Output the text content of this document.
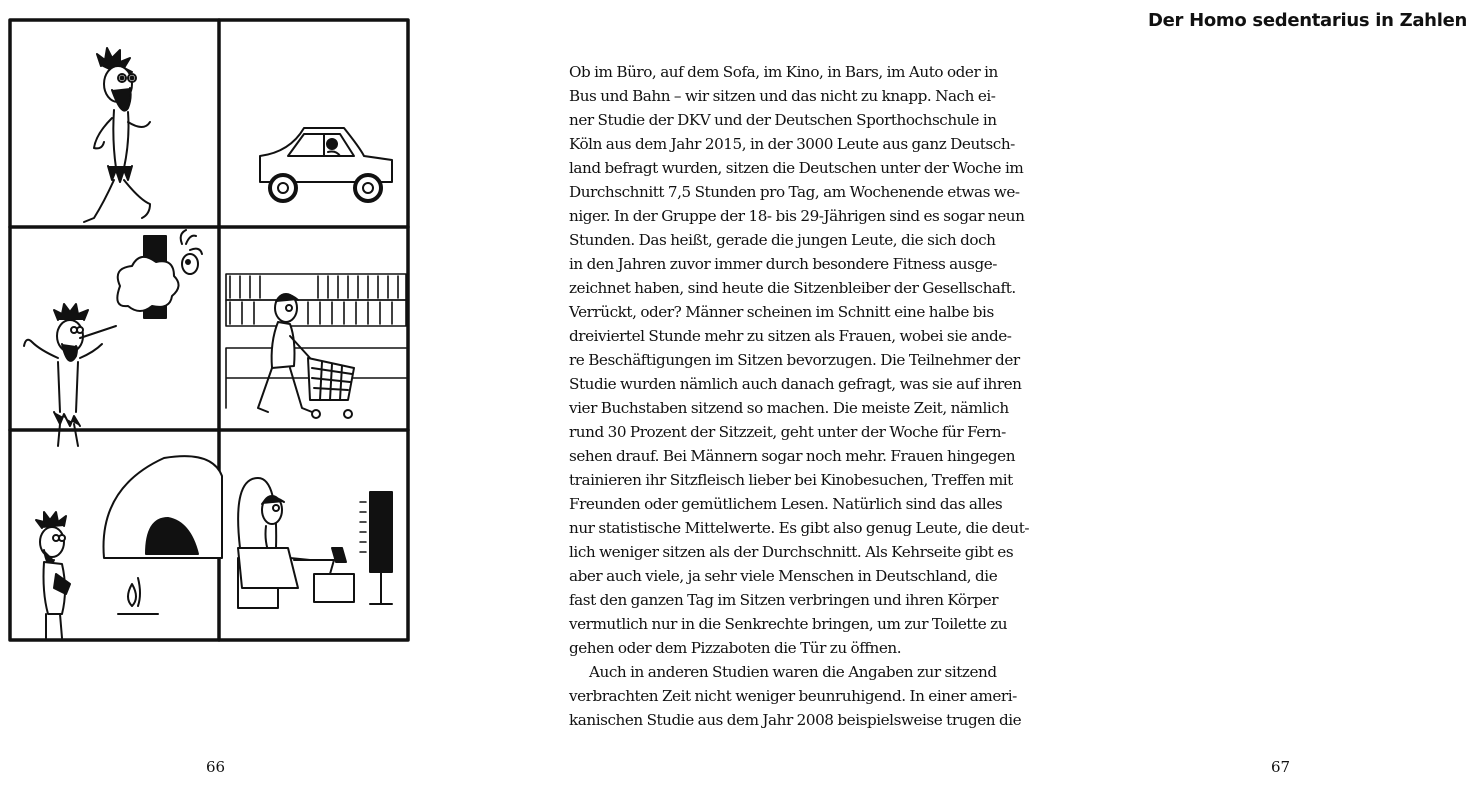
66
Der Homo sedentarius in Zahlen
67
Ob im Büro, auf dem Sofa, im Kino, in Bars, im Auto oder in
Bus und Bahn – wir sitzen und das nicht zu knapp. Nach ei-
ner Studie der DKV und der Deutschen Sporthochschule in
Köln aus dem Jahr 2015, in der 3000 Leute aus ganz Deutsch-
land befragt wurden, sitzen die Deutschen unter der Woche im
Durchschnitt 7,5 Stunden pro Tag, am Wochenende etwas we-
niger. In der Gruppe der 18- bis 29-Jährigen sind es sogar neun
Stunden. Das heißt, gerade die jungen Leute, die sich doch
in den Jahren zuvor immer durch besondere Fitness ausge-
zeichnet haben, sind heute die Sitzenbleiber der Gesellschaft.
Verrückt, oder? Männer scheinen im Schnitt eine halbe bis
dreiviertel Stunde mehr zu sitzen als Frauen, wobei sie ande-
re Beschäftigungen im Sitzen bevorzugen. Die Teilnehmer der
Studie wurden nämlich auch danach gefragt, was sie auf ihren
vier Buchstaben sitzend so machen. Die meiste Zeit, nämlich
rund 30 Prozent der Sitzzeit, geht unter der Woche für Fern-
sehen drauf. Bei Männern sogar noch mehr. Frauen hingegen
trainieren ihr Sitzfleisch lieber bei Kinobesuchen, Treffen mit
Freunden oder gemütlichem Lesen. Natürlich sind das alles
nur statistische Mittelwerte. Es gibt also genug Leute, die deut-
lich weniger sitzen als der Durchschnitt. Als Kehrseite gibt es
aber auch viele, ja sehr viele Menschen in Deutschland, die
fast den ganzen Tag im Sitzen verbringen und ihren Körper
vermutlich nur in die Senkrechte bringen, um zur Toilette zu
gehen oder dem Pizzaboten die Tür zu öffnen.
Auch in anderen Studien waren die Angaben zur sitzend
verbrachten Zeit nicht weniger beunruhigend. In einer ameri-
kanischen Studie aus dem Jahr 2008 beispielsweise trugen die
